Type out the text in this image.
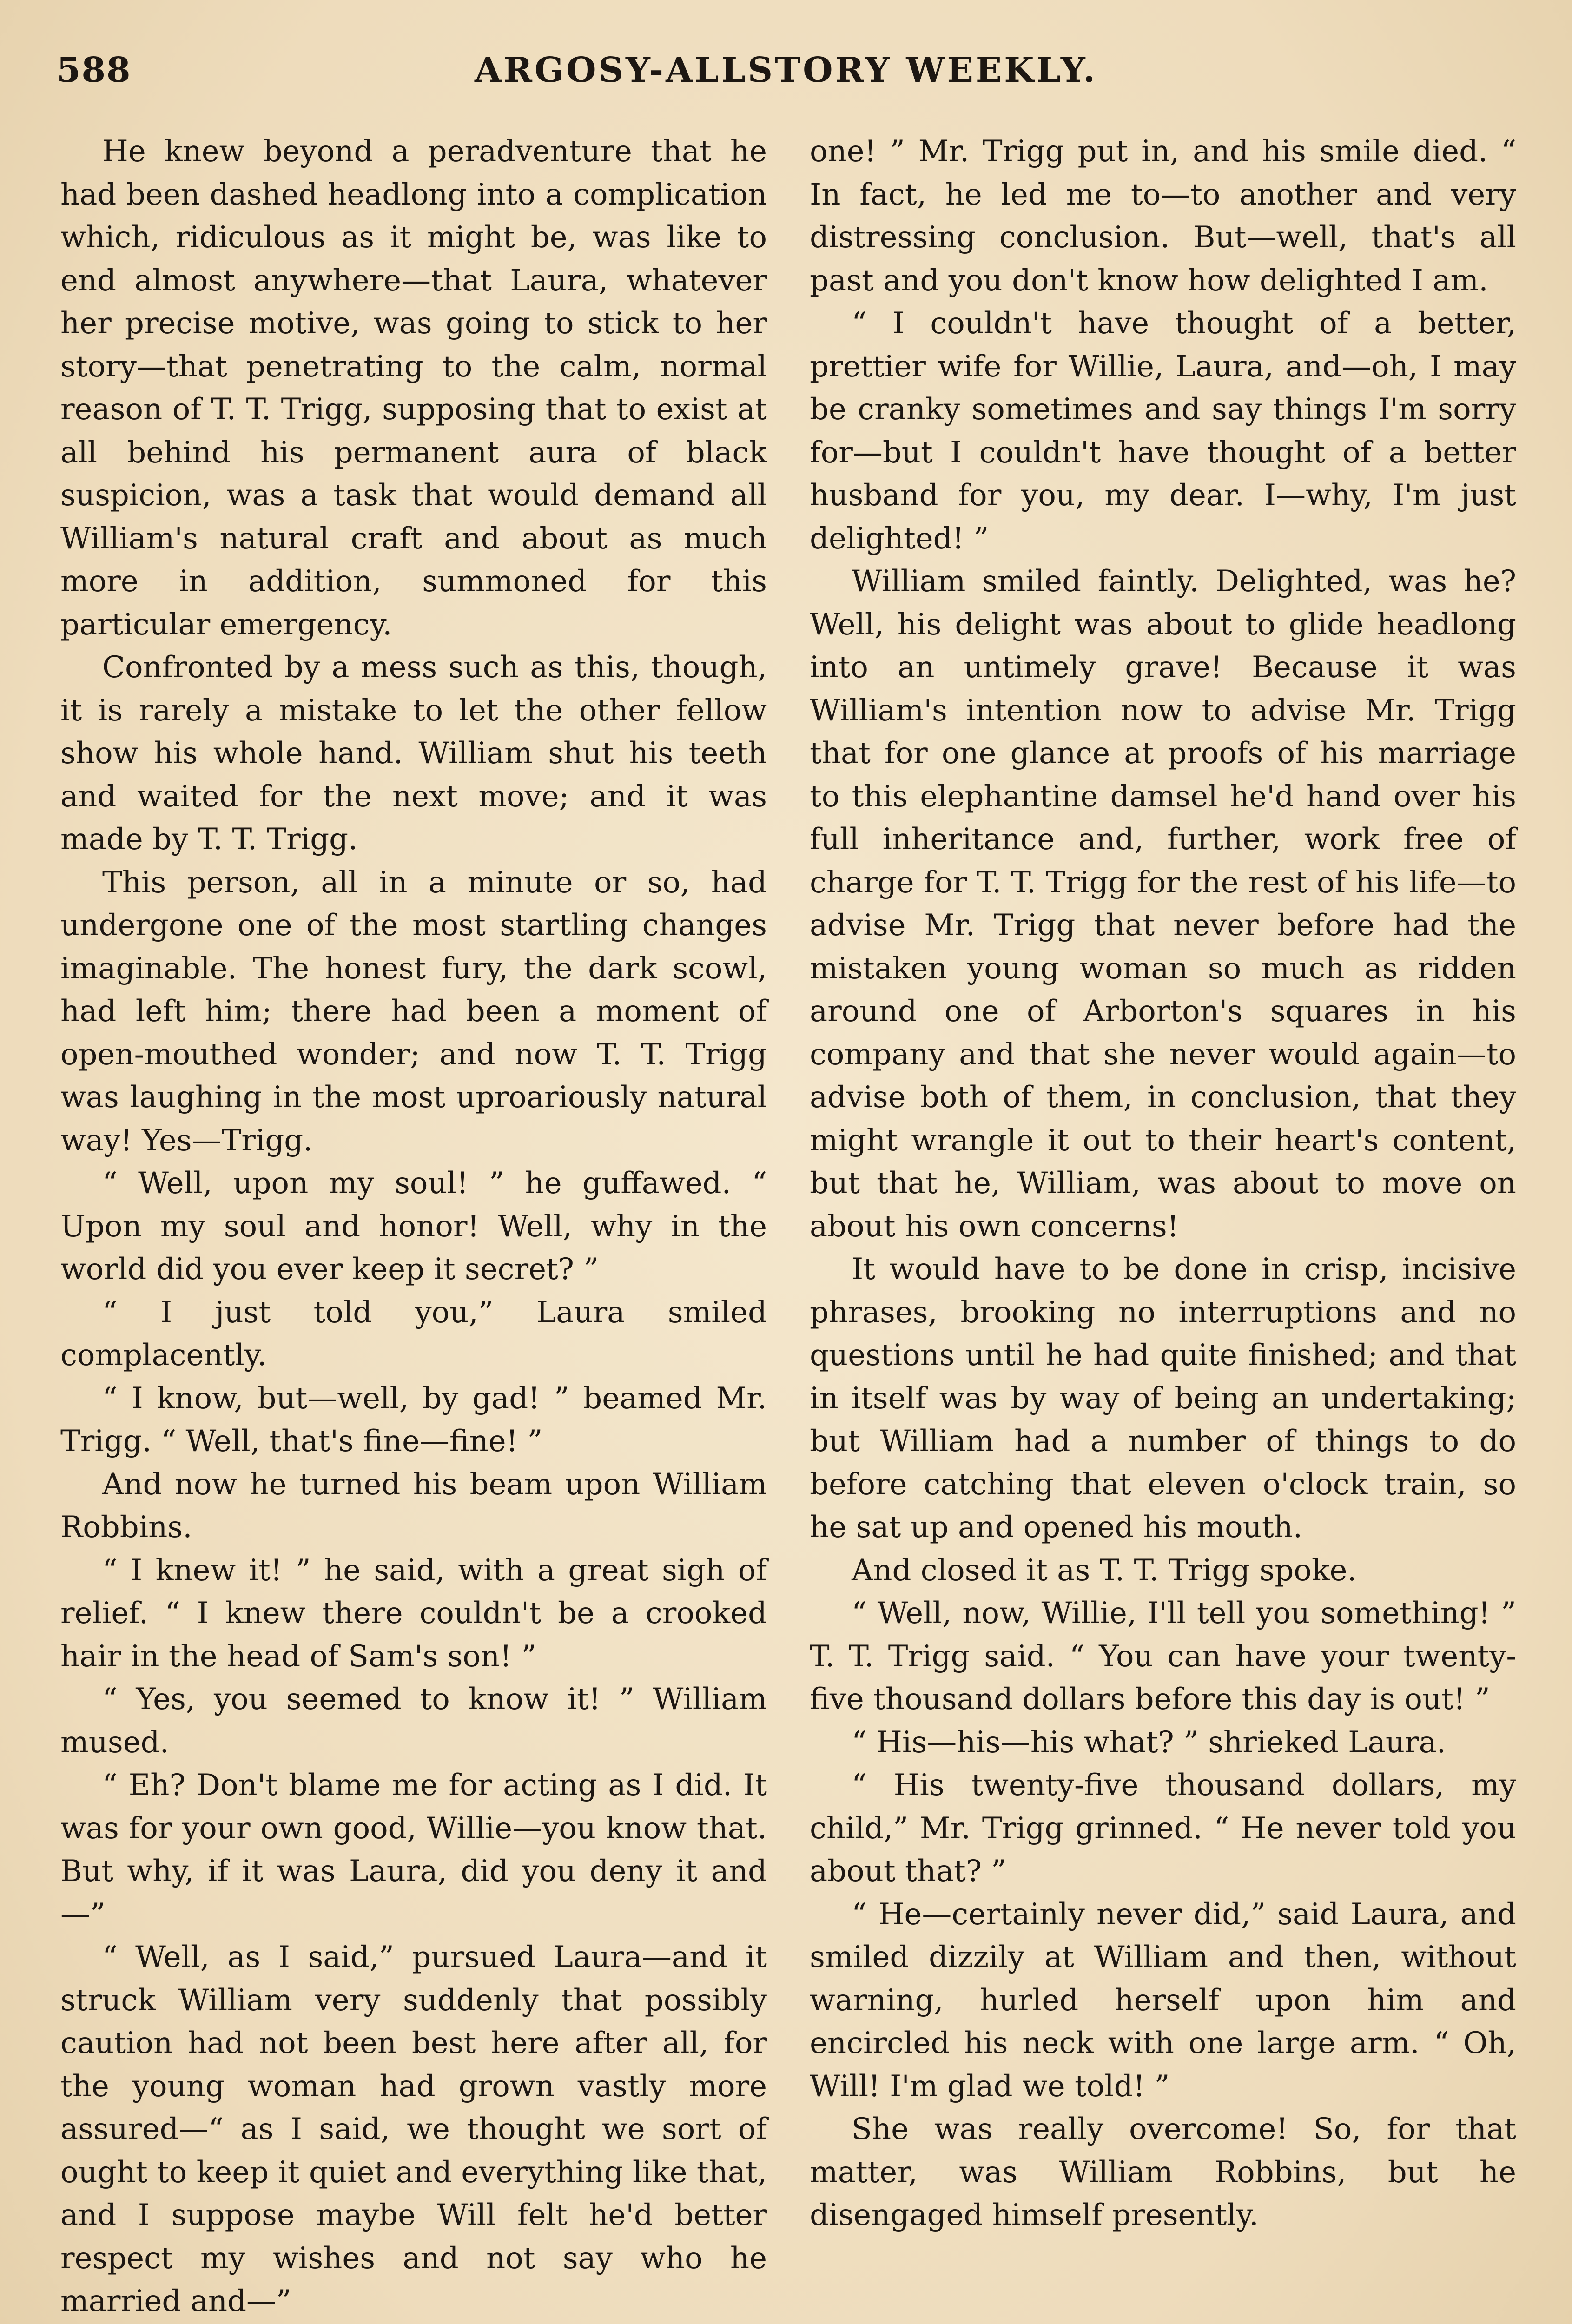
588	ARGOSY-ALLSTORY WEEKLY.

He knew beyond a peradventure that he had been dashed headlong into a complication which, ridiculous as it might be, was like to end almost anywhere—that Laura, whatever her precise motive, was going to stick to her story—that penetrating to the calm, normal reason of T. T. Trigg, supposing that to exist at all behind his permanent aura of black suspicion, was a task that would demand all William's natural craft and about as much more in addition, summoned for this particular emergency.

Confronted by a mess such as this, though, it is rarely a mistake to let the other fellow show his whole hand. William shut his teeth and waited for the next move; and it was made by T. T. Trigg.

This person, all in a minute or so, had undergone one of the most startling changes imaginable. The honest fury, the dark scowl, had left him; there had been a moment of open-mouthed wonder; and now T. T. Trigg was laughing in the most uproariously natural way! Yes—Trigg.

“ Well, upon my soul! ” he guffawed. “ Upon my soul and honor! Well, why in the world did you ever keep it secret? ”

“ I just told you,” Laura smiled complacently.

“ I know, but—well, by gad! ” beamed Mr. Trigg. “ Well, that's fine—fine! ”

And now he turned his beam upon William Robbins.

“ I knew it! ” he said, with a great sigh of relief. “ I knew there couldn't be a crooked hair in the head of Sam's son! ”

“ Yes, you seemed to know it! ” William mused.

“ Eh? Don't blame me for acting as I did. It was for your own good, Willie—you know that. But why, if it was Laura, did you deny it and—”

“ Well, as I said,” pursued Laura—and it struck William very suddenly that possibly caution had not been best here after all, for the young woman had grown vastly more assured—“ as I said, we thought we sort of ought to keep it quiet and everything like that, and I suppose maybe Will felt he'd better respect my wishes and not say who he married and—”

one! ” Mr. Trigg put in, and his smile died. “ In fact, he led me to—to another and very distressing conclusion. But—well, that's all past and you don't know how delighted I am.

“ I couldn't have thought of a better, prettier wife for Willie, Laura, and—oh, I may be cranky sometimes and say things I'm sorry for—but I couldn't have thought of a better husband for you, my dear. I—why, I'm just delighted! ”

William smiled faintly. Delighted, was he? Well, his delight was about to glide headlong into an untimely grave! Because it was William's intention now to advise Mr. Trigg that for one glance at proofs of his marriage to this elephantine damsel he'd hand over his full inheritance and, further, work free of charge for T. T. Trigg for the rest of his life—to advise Mr. Trigg that never before had the mistaken young woman so much as ridden around one of Arborton's squares in his company and that she never would again—to advise both of them, in conclusion, that they might wrangle it out to their heart's content, but that he, William, was about to move on about his own concerns!

It would have to be done in crisp, incisive phrases, brooking no interruptions and no questions until he had quite finished; and that in itself was by way of being an undertaking; but William had a number of things to do before catching that eleven o'clock train, so he sat up and opened his mouth.

And closed it as T. T. Trigg spoke.

“ Well, now, Willie, I'll tell you something! ” T. T. Trigg said. “ You can have your twenty-five thousand dollars before this day is out! ”

“ His—his—his what? ” shrieked Laura.

“ His twenty-five thousand dollars, my child,” Mr. Trigg grinned. “ He never told you about that? ”

“ He—certainly never did,” said Laura, and smiled dizzily at William and then, without warning, hurled herself upon him and encircled his neck with one large arm. “ Oh, Will! I'm glad we told! ”

She was really overcome! So, for that matter, was William Robbins, but he disengaged himself presently.
